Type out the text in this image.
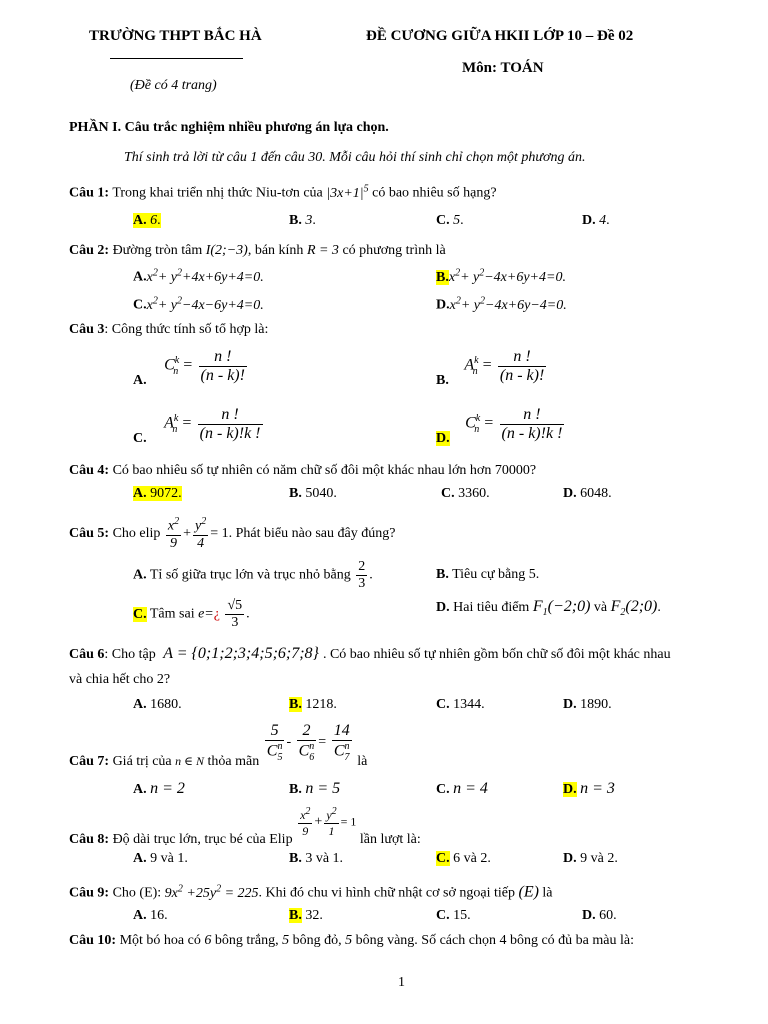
TRƯỜNG THPT BẮC HÀ	ĐỀ CƯƠNG GIỮA HKII LỚP 10 – Đề 02
(Đề có 4 trang)
Môn: TOÁN
PHẦN I. Câu trắc nghiệm nhiều phương án lựa chọn.
Thí sinh trả lời từ câu 1 đến câu 30. Mỗi câu hỏi thí sinh chỉ chọn một phương án.
Câu 1: Trong khai triển nhị thức Niu-tơn của $|3x+1|^5$ có bao nhiêu số hạng?
A. 6.	B. 3.	C. 5.	D. 4.
Câu 2: Đường tròn tâm I(2;−3), bán kính R = 3 có phương trình là
$A.x^2+ y^2+4x+6y+4=0$.	$B.x^2+ y^2-4x+6y+4=0$.
$C.x^2+ y^2-4x-6y+4=0$.	$D.x^2+ y^2-4x+6y-4=0$.
Câu 3: Công thức tính số tổ hợp là:
A. $C^k_n = \frac{n !}{(n - k)!}$	B. $A^k_n = \frac{n !}{(n - k)!}$
C. $A^k_n = \frac{n !}{(n - k)!k !}$	D. $C^k_n = \frac{n !}{(n - k)!k !}$
Câu 4: Có bao nhiêu số tự nhiên có năm chữ số đôi một khác nhau lớn hơn 70000?
A. 9072.	B. 5040.	C. 3360.	D. 6048.
Câu 5: Cho elip $\frac{x^2}{9} + \frac{y^2}{4} = 1$. Phát biểu nào sau đây đúng?
A. Tỉ số giữa trục lớn và trục nhỏ bằng $\frac{2}{3}$ .	B. Tiêu cự bằng 5.
C. Tâm sai e=¿ $\frac{√5}{3}$ .	D. Hai tiêu điểm $F_1(-2;0)$ và $F_2(2;0)$.
Câu 6: Cho tập A = {0;1;2;3;4;5;6;7;8} . Có bao nhiêu số tự nhiên gồm bốn chữ số đôi một khác nhau
và chia hết cho 2?
A. 1680.	B. 1218.	C. 1344.	D. 1890.
Câu 7: Giá trị của n ∈ N thỏa mãn $\frac{5}{C^n_5} - \frac{2}{C^n_6} = \frac{14}{C^n_7}$ là
A. n = 2	B. n = 5	C. n = 4	D. n = 3
Câu 8: Độ dài trục lớn, trục bé của Elip
$\frac{x^2}{9} + \frac{y^2}{1} = 1$ lần lượt là:
A. 9 và 1.	B. 3 và 1.	C. 6 và 2.	D. 9 và 2.
Câu 9: Cho (E): $9x^2 +25y^2 = 225$. Khi đó chu vi hình chữ nhật cơ sở ngoại tiếp (E) là
A. 16.	B. 32.	C. 15.	D. 60.
Câu 10: Một bó hoa có 6 bông trắng, 5 bông đỏ, 5 bông vàng. Số cách chọn 4 bông có đủ ba màu là:
1
